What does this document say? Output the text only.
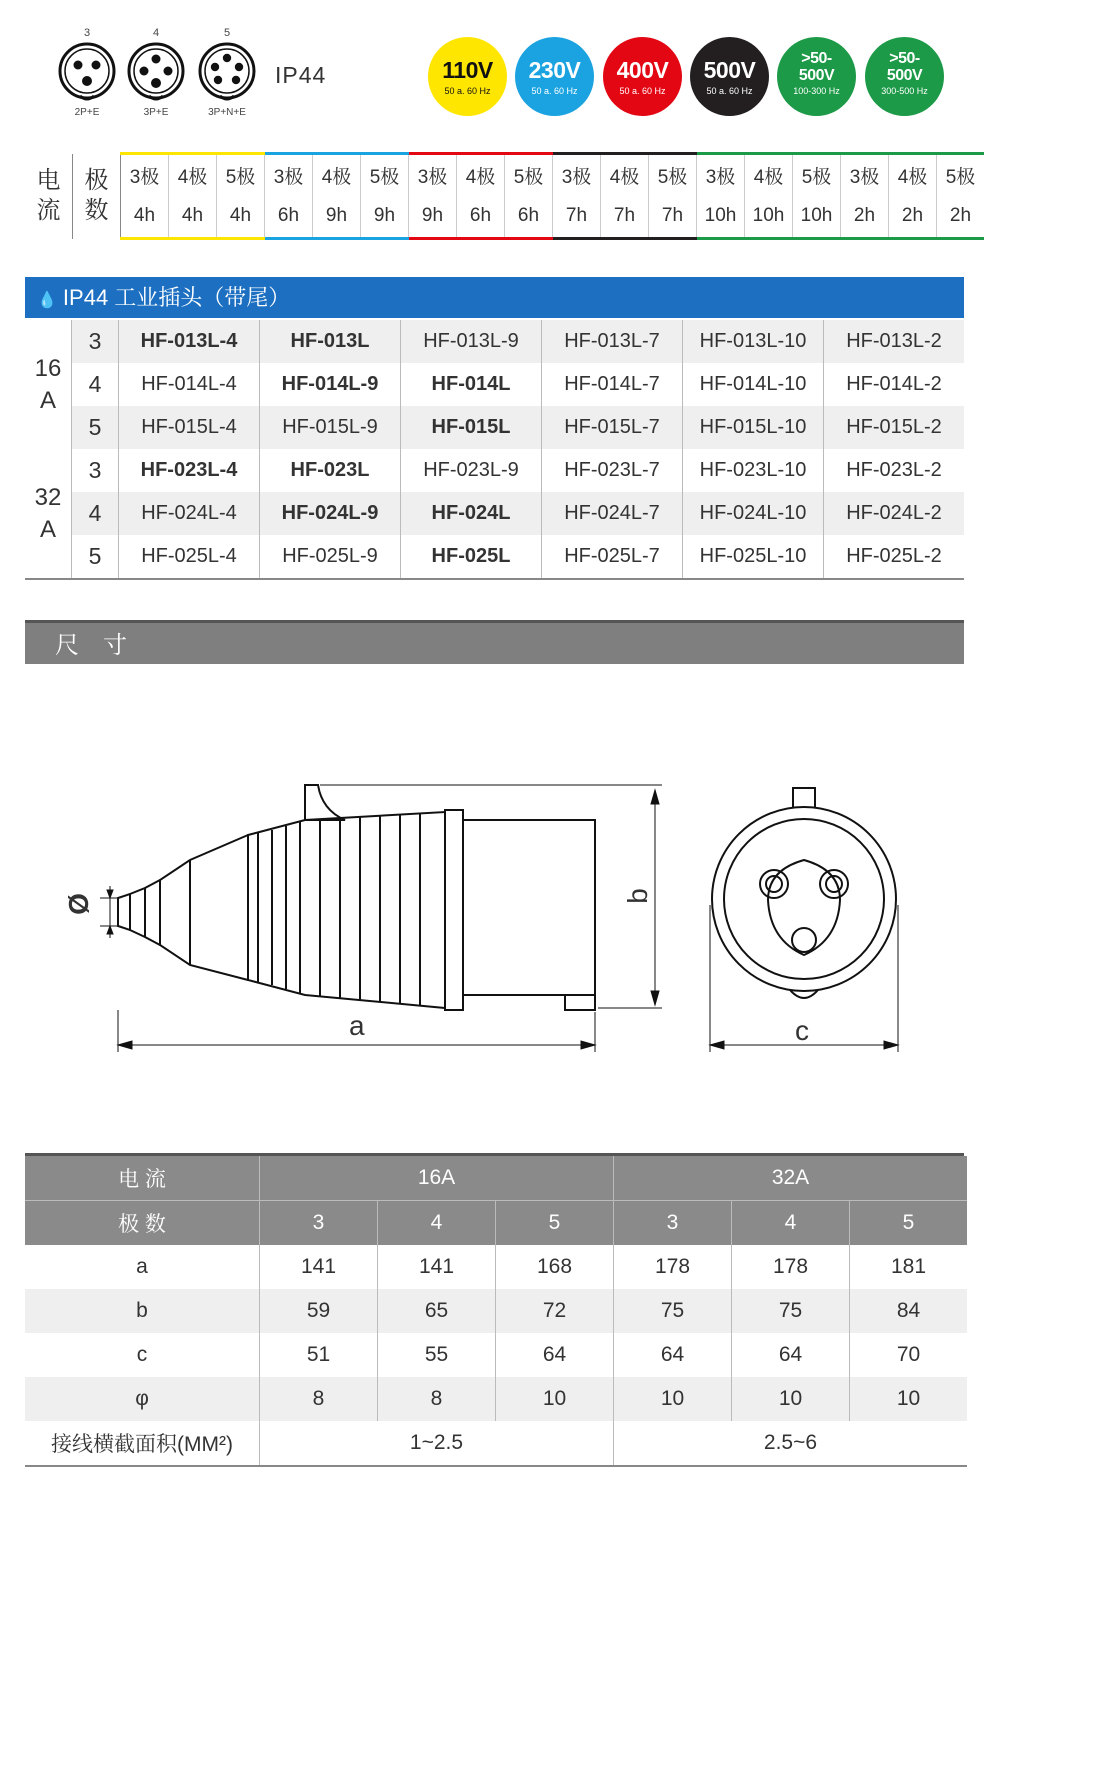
3
2P+E
4
3P+E
5
3P+N+E
IP44	110V
50 a. 60 Hz
230V
50 a. 60 Hz
400V
50 a. 60 Hz
500V
50 a. 60 Hz
>50-500V
100-300 Hz
>50-500V
300-500 Hz
电流	极数	3极	4极	5极	3极	4极	5极	3极	4极	5极	3极	4极	5极	3极	4极	5极	3极	4极	5极
		4h	4h	4h	6h	9h	9h	9h	6h	6h	7h	7h	7h	10h	10h	10h	2h	2h	2h
💧 IP44 工业插头（带尾）
16
A	3	HF-013L-4	HF-013L	HF-013L-9	HF-013L-7	HF-013L-10	HF-013L-2
	4	HF-014L-4	HF-014L-9	HF-014L	HF-014L-7	HF-014L-10	HF-014L-2
	5	HF-015L-4	HF-015L-9	HF-015L	HF-015L-7	HF-015L-10	HF-015L-2
32
A	3	HF-023L-4	HF-023L	HF-023L-9	HF-023L-7	HF-023L-10	HF-023L-2
	4	HF-024L-4	HF-024L-9	HF-024L	HF-024L-7	HF-024L-10	HF-024L-2
	5	HF-025L-4	HF-025L-9	HF-025L	HF-025L-7	HF-025L-10	HF-025L-2
尺　寸
Ø
a
b
c
电 流	16A			32A		
极 数	3	4	5	3	4	5
a	141	141	168	178	178	181
b	59	65	72	75	75	84
c	51	55	64	64	64	70
φ	8	8	10	10	10	10
接线横截面积(MM²)	1~2.5			2.5~6		
